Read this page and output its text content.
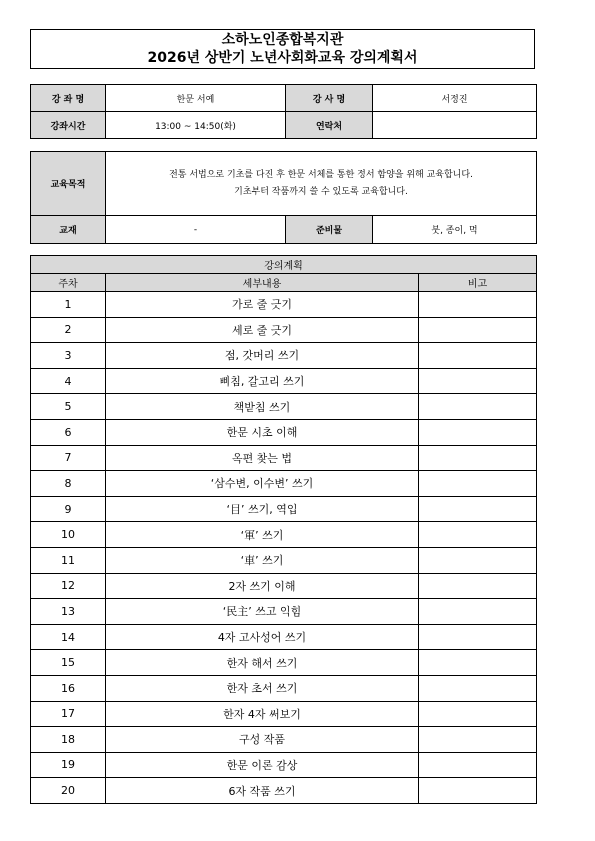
소하노인종합복지관
2026년 상반기 노년사회화교육 강의계획서
강 좌 명	한문 서예	강 사 명	서정진
강좌시간	13:00 ~ 14:50(화)	연락처	
교육목적	전통 서법으로 기초를 다진 후 한문 서체를 통한 정서 함양을 위해 교육합니다.
기초부터 작품까지 쓸 수 있도록 교육합니다.		

교재	-	준비물	붓, 종이, 먹
강의계획		
주차	세부내용	비고
1	가로 줄 긋기	
2	세로 줄 긋기	
3	점, 갓머리 쓰기	
4	삐침, 갈고리 쓰기	
5	책받침 쓰기	
6	한문 시초 이해	
7	옥편 찾는 법	
8	‘삼수변, 이수변’ 쓰기	
9	‘目’ 쓰기, 역입	
10	‘軍’ 쓰기	
11	‘車’ 쓰기	
12	2자 쓰기 이해	
13	‘民主’ 쓰고 익힘	
14	4자 고사성어 쓰기	
15	한자 해서 쓰기	
16	한자 초서 쓰기	
17	한자 4자 써보기	
18	구성 작품	
19	한문 이론 감상	
20	6자 작품 쓰기	
